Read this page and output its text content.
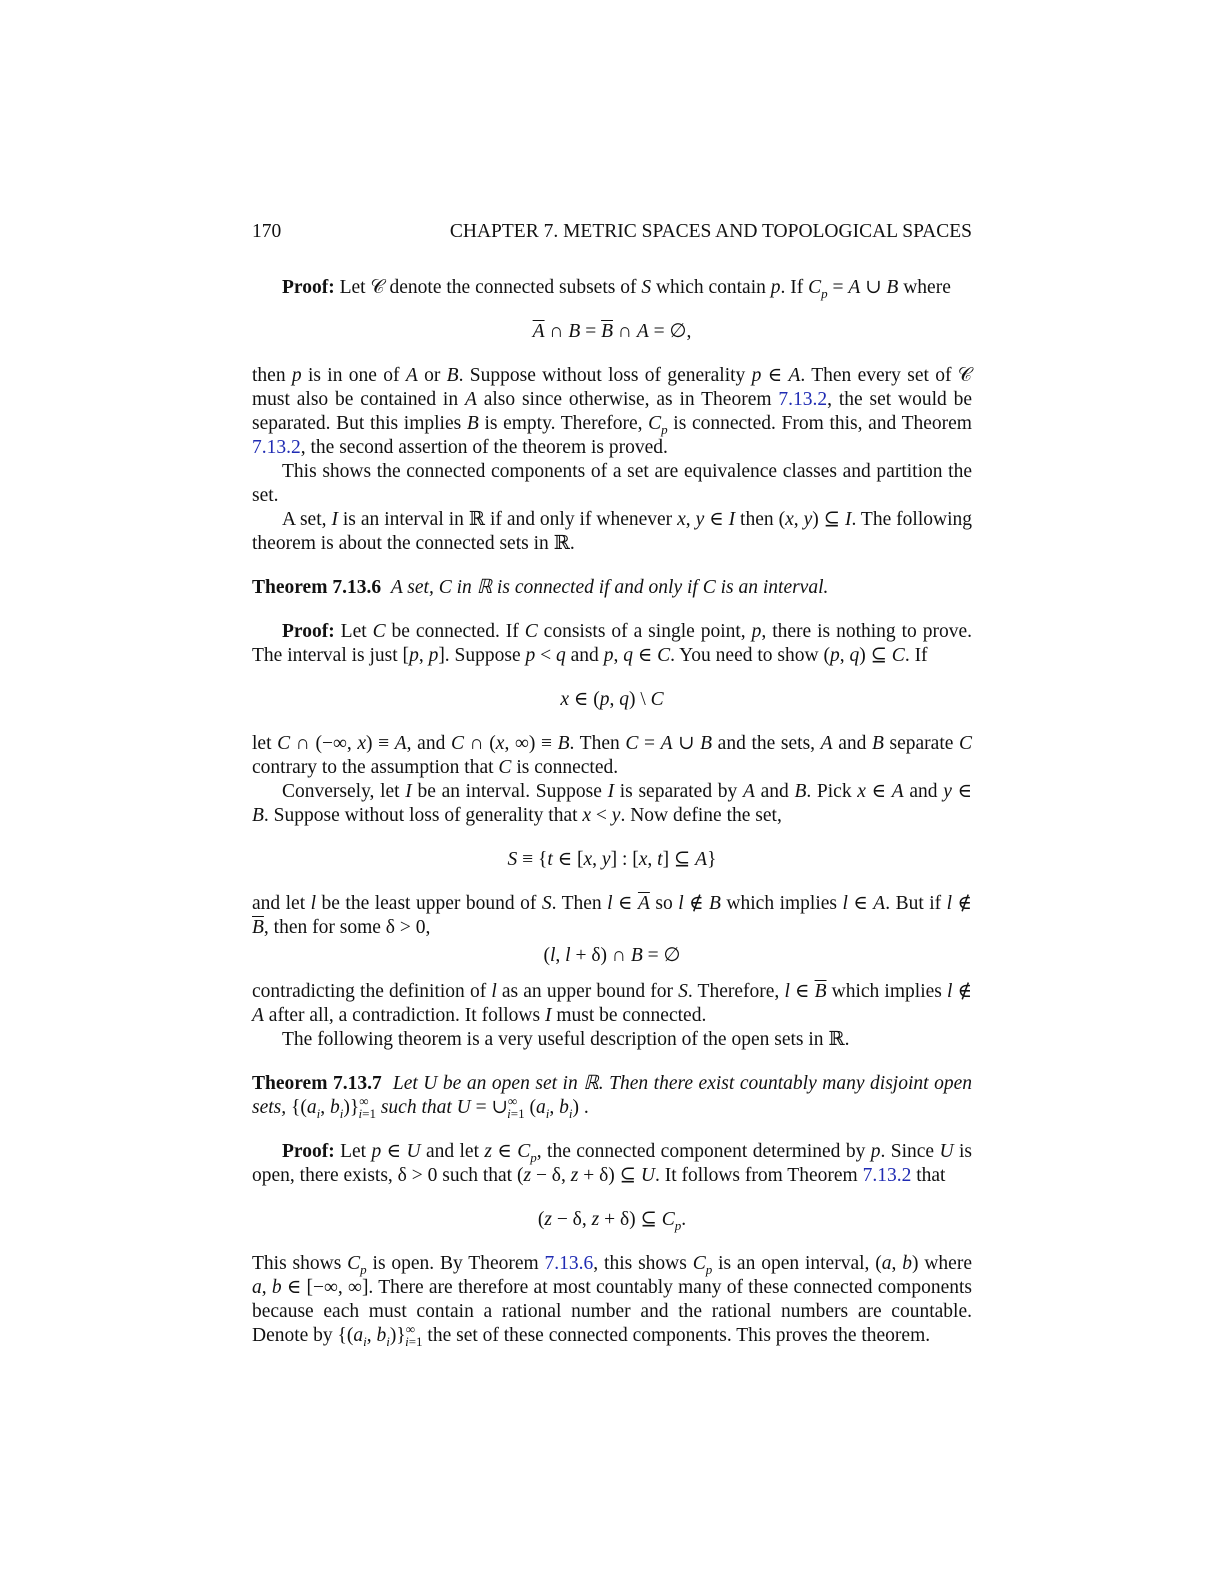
170	CHAPTER 7. METRIC SPACES AND TOPOLOGICAL SPACES

Proof: Let 𝒞 denote the connected subsets of S which contain p. If $C_p = A$ ∪ B where

$\overline{A}$ ∩ $B = \overline{B}$ ∩ A = ∅,

then p is in one of A or B. Suppose without loss of generality p ∈ A. Then every set of 𝒞 must also be contained in A also since otherwise, as in Theorem 7.13.2, the set would be separated. But this implies B is empty. Therefore, $C_p$ is connected. From this, and Theorem 7.13.2, the second assertion of the theorem is proved.

This shows the connected components of a set are equivalence classes and partition the set.

A set, I is an interval in ℝ if and only if whenever x, y ∈ I then (x, y) ⊆ I. The following theorem is about the connected sets in ℝ.

Theorem 7.13.6 A set, C in ℝ is connected if and only if C is an interval.

Proof: Let C be connected. If C consists of a single point, p, there is nothing to prove. The interval is just [p, p]. Suppose p < q and p, q ∈ C. You need to show (p, q) ⊆ C. If

x ∈ (p, q) \ C

let C ∩ (−∞, x) ≡ A, and C ∩ (x, ∞) ≡ B. Then C = A ∪ B and the sets, A and B separate C contrary to the assumption that C is connected.

Conversely, let I be an interval. Suppose I is separated by A and B. Pick x ∈ A and y ∈ B. Suppose without loss of generality that x < y. Now define the set,

S ≡ {t ∈ [x, y] : [x, t] ⊆ A}

and let l be the least upper bound of S. Then l ∈ $\overline{A}$ so l ∉ B which implies l ∈ A. But if l ∉ $\overline{B}$, then for some δ > 0,

(l, l + δ) ∩ B = ∅

contradicting the definition of l as an upper bound for S. Therefore, l ∈ $\overline{B}$ which implies l ∉ A after all, a contradiction. It follows I must be connected.

The following theorem is a very useful description of the open sets in ℝ.

Theorem 7.13.7 Let U be an open set in ℝ. Then there exist countably many disjoint open sets, {($a_i$, $b_i)\}^\infty_{i=1}$ such that $U = \cup^\infty_{i=1}$ ($a_i$, $b_i$) .

Proof: Let p ∈ U and let z ∈ $C_p$, the connected component determined by p. Since U is open, there exists, δ > 0 such that (z − δ, z + δ) ⊆ U. It follows from Theorem 7.13.2 that

(z − δ, z + δ) ⊆ $C_p$.

This shows $C_p$ is open. By Theorem 7.13.6, this shows $C_p$ is an open interval, (a, b) where a, b ∈ [−∞, ∞]. There are therefore at most countably many of these connected components because each must contain a rational number and the rational numbers are countable. Denote by {($a_i$, $b_i)\}^\infty_{i=1}$ the set of these connected components. This proves the theorem.
